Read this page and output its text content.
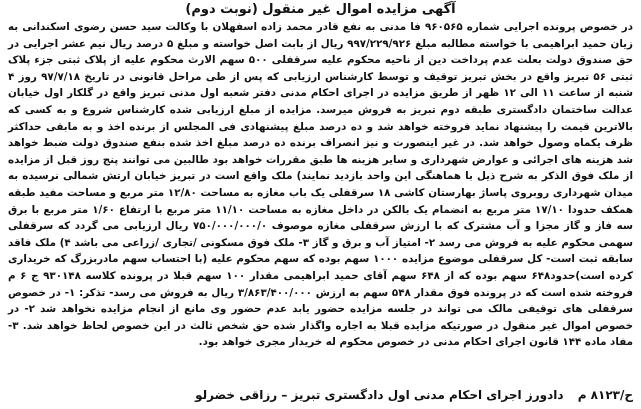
آگهی مزایده اموال غیر منقول (نوبت دوم)

در خصوص پرونده اجرایی شماره ۹۶۰۵۶۵ فا مدنی به نفع قادر محمد زاده اسفهلان با وکالت سید حسن رضوی اسکندانی به زیان حمید ابراهیمی با خواسته مطالبه مبلغ ۹۹۷/۲۲۹/۹۲۶ ریال از بابت اصل خواسته و مبلغ ۵ درصد ریال نیم عشر اجرایی در حق صندوق دولت بعلت عدم پرداخت دین از ناحیه محکوم علیه سرقفلی ۵۰۰ سهم الارث محکوم علیه از پلاک ثبتی جزء پلاک ثبتی ۵۶ تبریز واقع در بخش تبریز توقیف و توسط کارشناس ارزیابی که پس از طی مراحل قانونی در تاریخ ۹۷/۷/۱۸ روز ۴ شنبه از ساعت ۱۱ الی ۱۲ ظهر از طریق مزایده در اجرای احکام مدنی دفتر شعبه اول مدنی تبریز واقع در گلکار اول خیابان عدالت ساختمان دادگستری طبقه دوم تبریز به فروش میرسد. مزایده از مبلغ ارزیابی شده کارشناس شروع و به کسی که بالاترین قیمت را پیشنهاد نماید فروخته خواهد شد و ده درصد مبلغ پیشنهادی فی المجلس از برنده اخذ و به مابقی حداکثر ظرف یکماه وصول خواهد شد. در غیر اینصورت و نیز انصراف برنده ده درصد مبلغ اخذ شده بنفع صندوق دولت ضبط خواهد شد هزینه های اجرائی و عوارض شهرداری و سایر هزینه ها طبق مقررات خواهد بود طالبین می توانند پنج روز قبل از مزایده از ملک فوق الذکر به شرح ذیل با هماهنگی این واحد بازدید نمایند) ملک واقع است در تبریز خیابان ارتش شمالی نرسیده به میدان شهرداری روبروی پاساژ بهارستان کاشی ۱۸ سرقفلی یک باب مغازه به مساحت ۱۲/۸۰ متر مربع و مساحت مفید طبقه همکف حدودا ۱۷/۱۰ متر مربع به انضمام یک بالکن در داخل مغازه به مساحت ۱۱/۱۰ متر مربع با ارتفاع ۱/۶۰ متر مربع با برق سه فاز و گاز مجزا و آب مشترک که با ارزش سرقفلی مغازه موصوف ۷۵۰/۰۰۰/۰۰۰/۰ ریال ارزیابی می گردد که سرقفلی سهمی محکوم علیه به فروش می رسد ۲- امتیاز آب و برق و گاز ۳- ملک فوق مسکونی /تجاری /زراعی می باشد ۴) ملک فاقد سابقه ثبت است- کل سرقفلی موضوع مزایده ۱۰۰۰ سهم بوده که سهم محکوم علیه (با احتساب سهم مادربزرگ که خریداری کرده است)حدود۶۴۸ سهم بوده که از ۶۴۸ سهم آقای حمید ابراهیمی مقدار ۱۰۰ سهم قبلا در پرونده کلاسه ۹۳۰۱۴۸ ج ۶ م فروخته شده است که در پرونده فوق مقدار ۵۴۸ سهم به ارزش ۳/۸۶۳/۴۰۰/۰۰۰ ریال به فروش می رسد- تذکر: ۱- در خصوص سرقفلی های توقیفی مالک می تواند در جلسه مزایده حضور یابد عدم حضور وی مانع از انجام مزایده نخواهد شد ۲- در خصوص اموال غیر منقول در صورتیکه مزایده قبلا به اجاره واگذار شده حق شخص ثالث در این خصوص لحاظ خواهد شد. ۳- مفاد ماده ۱۴۴ قانون اجرای احکام مدنی در خصوص محکوم له خریدار مجری خواهد بود.

ح/۸۱۲۳ م دادورز اجرای احکام مدنی اول دادگستری تبریز – رزاقی خضرلو
